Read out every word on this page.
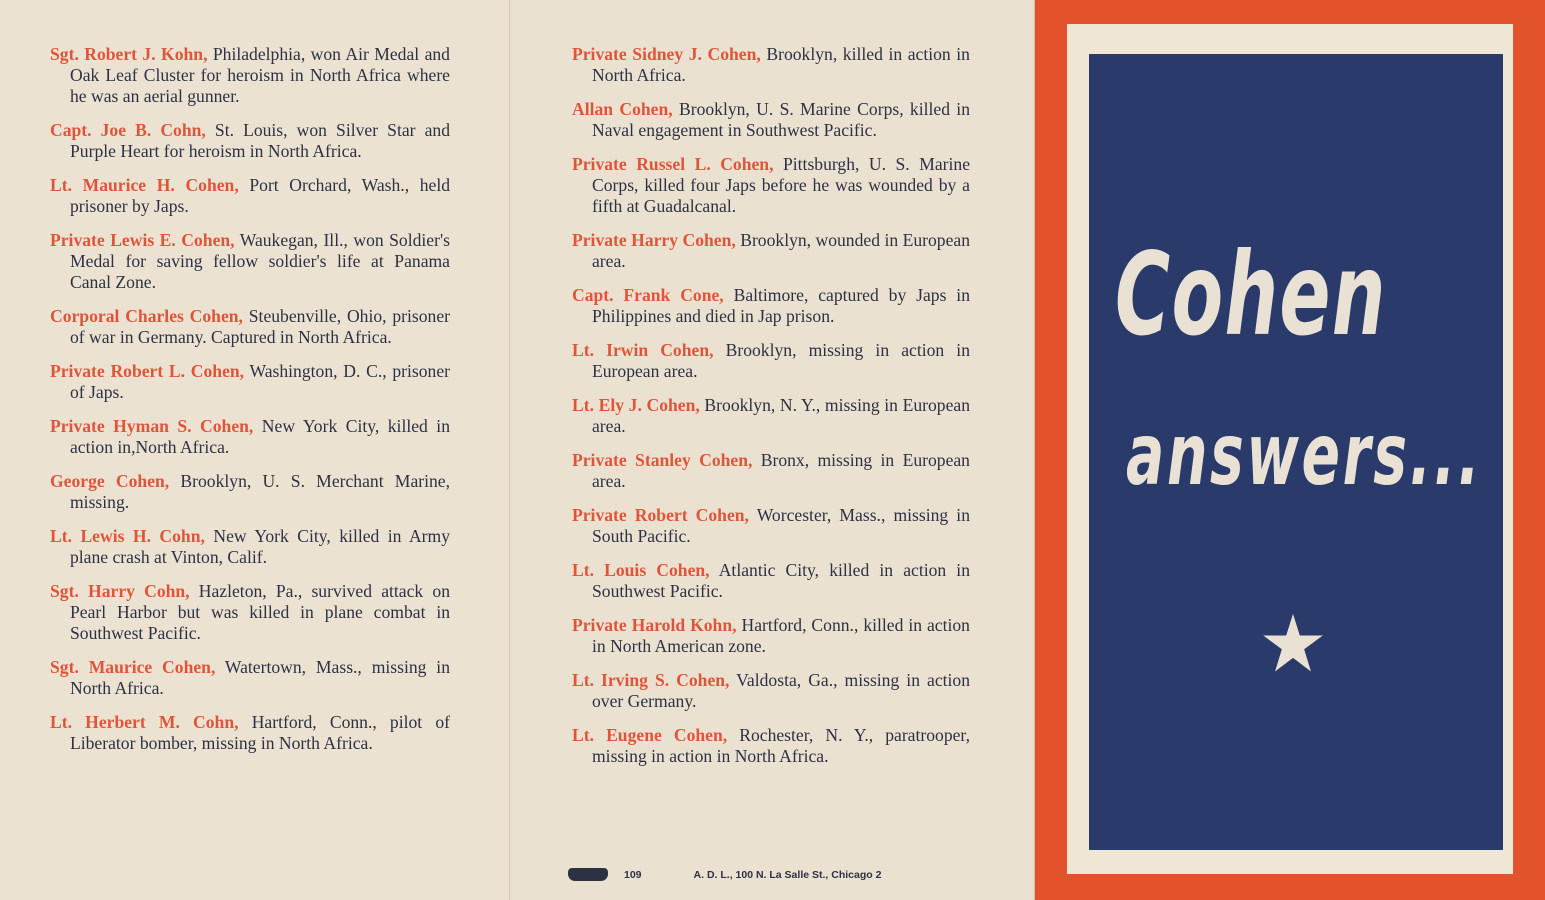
Sgt. Robert J. Kohn, Philadelphia, won Air Medal and Oak Leaf Cluster for heroism in North Africa where he was an aerial gunner.

Capt. Joe B. Cohn, St. Louis, won Silver Star and Purple Heart for heroism in North Africa.

Lt. Maurice H. Cohen, Port Orchard, Wash., held prisoner by Japs.

Private Lewis E. Cohen, Waukegan, Ill., won Soldier's Medal for saving fellow soldier's life at Panama Canal Zone.

Corporal Charles Cohen, Steubenville, Ohio, prisoner of war in Germany. Captured in North Africa.

Private Robert L. Cohen, Washington, D. C., prisoner of Japs.

Private Hyman S. Cohen, New York City, killed in action in,North Africa.

George Cohen, Brooklyn, U. S. Merchant Marine, missing.

Lt. Lewis H. Cohn, New York City, killed in Army plane crash at Vinton, Calif.

Sgt. Harry Cohn, Hazleton, Pa., survived attack on Pearl Harbor but was killed in plane combat in Southwest Pacific.

Sgt. Maurice Cohen, Watertown, Mass., missing in North Africa.

Lt. Herbert M. Cohn, Hartford, Conn., pilot of Liberator bomber, missing in North Africa.

Private Sidney J. Cohen, Brooklyn, killed in action in North Africa.

Allan Cohen, Brooklyn, U. S. Marine Corps, killed in Naval engagement in Southwest Pacific.

Private Russel L. Cohen, Pittsburgh, U. S. Marine Corps, killed four Japs before he was wounded by a fifth at Guadalcanal.

Private Harry Cohen, Brooklyn, wounded in European area.

Capt. Frank Cone, Baltimore, captured by Japs in Philippines and died in Jap prison.

Lt. Irwin Cohen, Brooklyn, missing in action in European area.

Lt. Ely J. Cohen, Brooklyn, N. Y., missing in European area.

Private Stanley Cohen, Bronx, missing in European area.

Private Robert Cohen, Worcester, Mass., missing in South Pacific.

Lt. Louis Cohen, Atlantic City, killed in action in Southwest Pacific.

Private Harold Kohn, Hartford, Conn., killed in action in North American zone.

Lt. Irving S. Cohen, Valdosta, Ga., missing in action over Germany.

Lt. Eugene Cohen, Rochester, N. Y., paratrooper, missing in action in North Africa.

109	A. D. L., 100 N. La Salle St., Chicago 2
Cohen
answers...
